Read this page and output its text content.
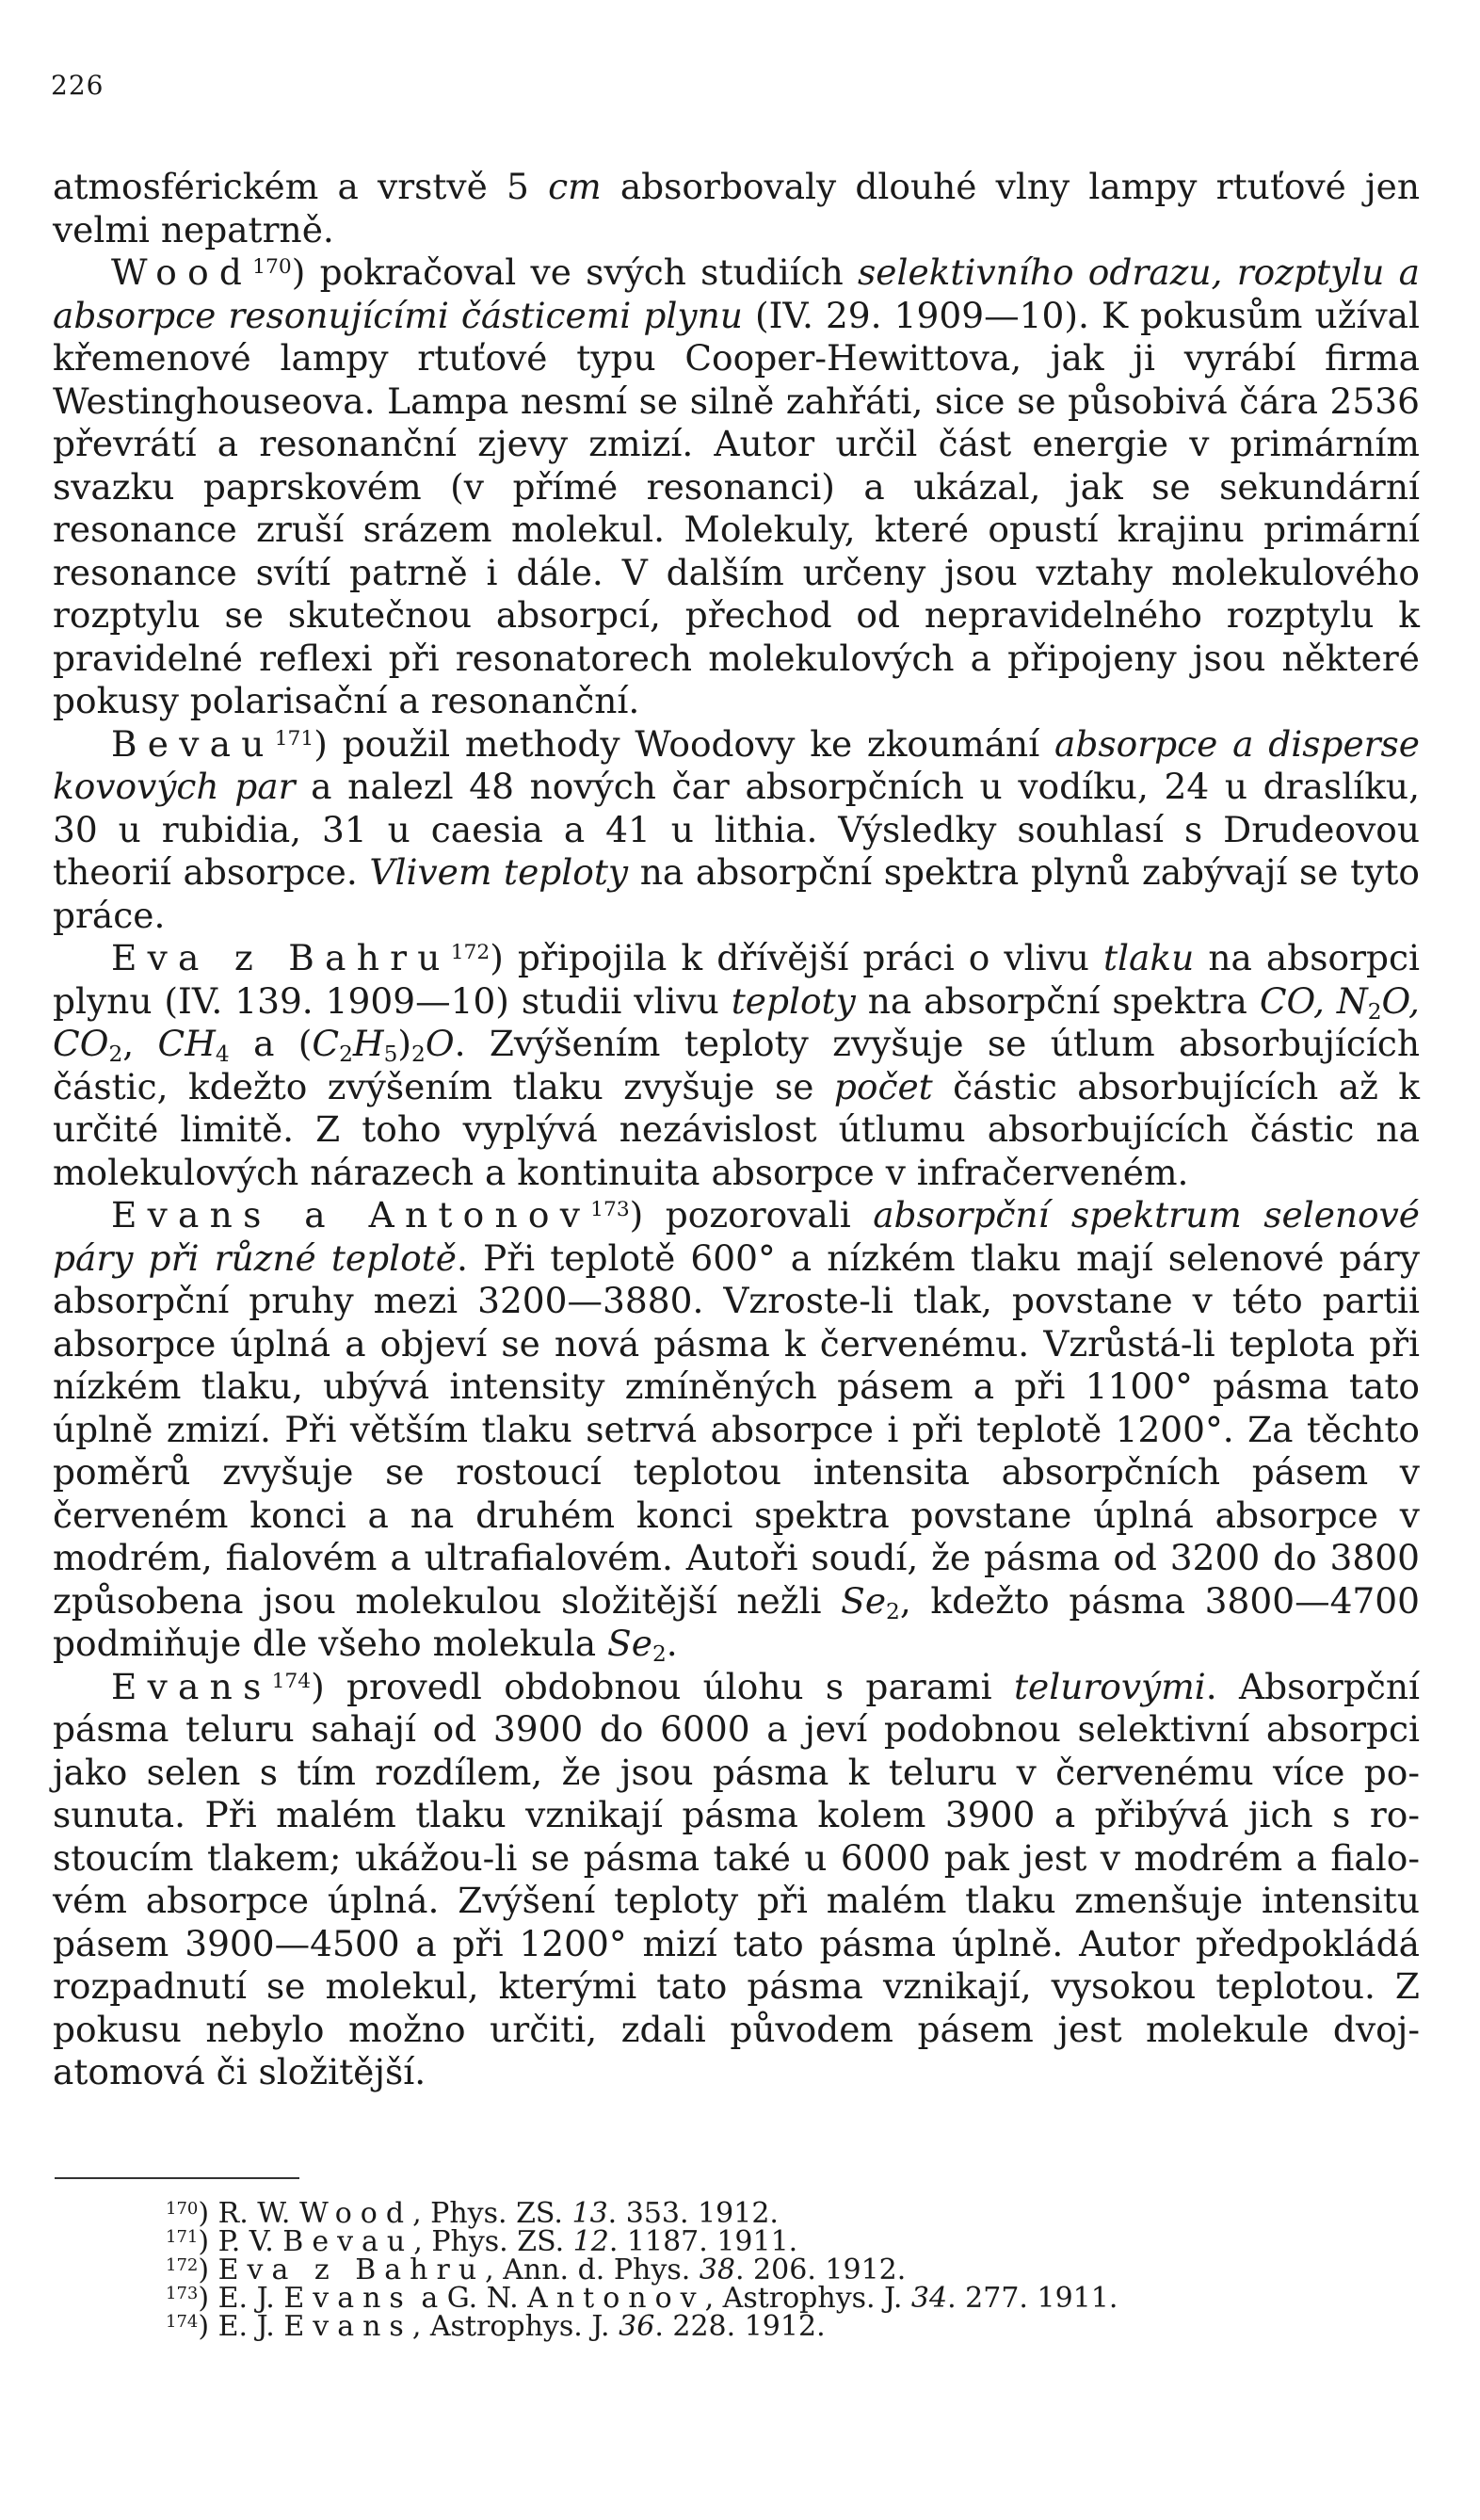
226

atmosférickém a vrstvě 5 cm absorbovaly dlouhé vlny lampy rtuťové jen velmi nepatrně.

Wood$^{170}$) pokračoval ve svých studiích selektivního odrazu, rozptylu a absorpce resonujícími částicemi plynu (IV. 29. 1909—10). K pokusům užíval křemenové lampy rtuťové typu Cooper-Hewittova, jak ji vyrábí firma Westinghouseova. Lampa nesmí se silně zahřáti, sice se působivá čára 2536 převrátí a resonanční zjevy zmizí. Autor určil část energie v primárním svazku paprskovém (v přímé resonanci) a ukázal, jak se sekundární resonance zruší srázem molekul. Molekuly, které opustí krajinu primární resonance svítí patrně i dále. V dalším určeny jsou vztahy molekulového rozptylu se skutečnou absorpcí, přechod od nepravidelného rozptylu k pravidelné reflexi při resonatorech molekulových a připojeny jsou některé pokusy polarisační a resonanční.

Bevau$^{171}$) použil methody Woodovy ke zkoumání absorpce a disperse kovových par a nalezl 48 nových čar absorpčních u vodíku, 24 u draslíku, 30 u rubidia, 31 u caesia a 41 u lithia. Výsledky souhlasí s Drudeovou theorií absorpce. Vlivem teploty na absorpční spektra plynů zabývají se tyto práce.

Eva z Bahru$^{172}$) připojila k dřívější práci o vlivu tlaku na absorpci plynu (IV. 139. 1909—10) studii vlivu teploty na absorpční spektra CO, $N_2O$, $CO_2$, $CH_4$ a $(C_2H_5)_2O$. Zvýšením teploty zvyšuje se útlum absorbujících částic, kdežto zvýšením tlaku zvyšuje se počet částic absorbujících až k určité limitě. Z toho vyplývá nezávislost útlumu absorbujících částic na molekulových nárazech a kontinuita absorpce v infračerveném.

Evans a Antonov$^{173}$) pozorovali absorpční spektrum selenové páry při různé teplotě. Při teplotě 600° a nízkém tlaku mají selenové páry absorpční pruhy mezi 3200—3880. Vzroste-li tlak, povstane v této partii absorpce úplná a objeví se nová pásma k červenému. Vzrůstá-li teplota při nízkém tlaku, ubývá intensity zmíněných pásem a při 1100° pásma tato úplně zmizí. Při větším tlaku setrvá absorpce i při teplotě 1200°. Za těchto poměrů zvyšuje se rostoucí teplotou intensita absorpčních pásem v červeném konci a na druhém konci spektra povstane úplná absorpce v modrém, fialovém a ultrafialovém. Autoři soudí, že pásma od 3200 do 3800 způsobena jsou molekulou složitější nežli $Se_2$, kdežto pásma 3800—4700 podmiňuje dle všeho molekula $Se_2$.

Evans$^{174}$) provedl obdobnou úlohu s parami telurovými. Absorpční pásma teluru sahají od 3900 do 6000 a jeví podobnou selektivní absorpci jako selen s tím rozdílem, že jsou pásma k teluru v červenému více posunuta. Při malém tlaku vznikají pásma kolem 3900 a přibývá jich s rostoucím tlakem; ukážou-li se pásma také u 6000 pak jest v modrém a fialovém absorpce úplná. Zvýšení teploty při malém tlaku zmenšuje intensitu pásem 3900—4500 a při 1200° mizí tato pásma úplně. Autor předpokládá rozpadnutí se molekul, kterými tato pásma vznikají, vysokou teplotou. Z pokusu nebylo možno určiti, zdali původem pásem jest molekule dvojatomová či složitější.

$^{170}$) R. W. Wood, Phys. ZS. 13. 353. 1912.
$^{171}$) P. V. Bevau, Phys. ZS. 12. 1187. 1911.
$^{172}$) Eva z Bahru, Ann. d. Phys. 38. 206. 1912.
$^{173}$) E. J. Evans a G. N. Antonov, Astrophys. J. 34. 277. 1911.
$^{174}$) E. J. Evans, Astrophys. J. 36. 228. 1912.
